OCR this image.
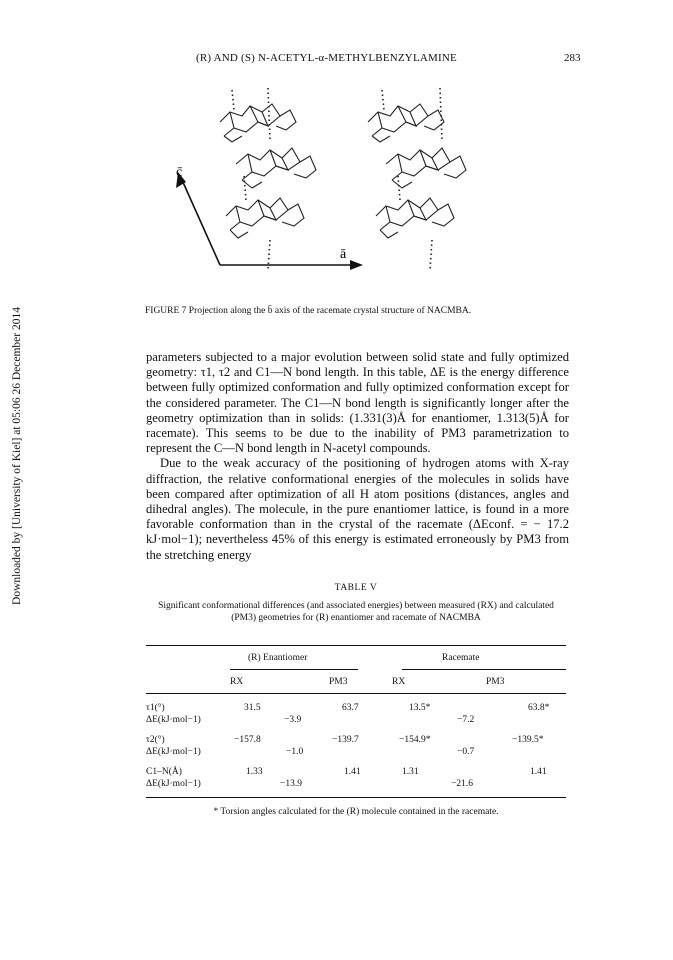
Downloaded by [University of Kiel] at 05:06 26 December 2014
(R) AND (S) N-ACETYL-α-METHYLBENZYLAMINE	283
c̄
ā
FIGURE 7 Projection along the b̄ axis of the racemate crystal structure of NACMBA.

parameters subjected to a major evolution between solid state and fully optimized geometry: τ1, τ2 and C1—N bond length. In this table, ΔE is the energy difference between fully optimized conformation and fully optimized conformation except for the considered parameter. The C1—N bond length is significantly longer after the geometry optimization than in solids: (1.331(3)Å for enantiomer, 1.313(5)Å for racemate). This seems to be due to the inability of PM3 parametrization to represent the C—N bond length in N-acetyl compounds.

Due to the weak accuracy of the positioning of hydrogen atoms with X-ray diffraction, the relative conformational energies of the molecules in solids have been compared after optimization of all H atom positions (distances, angles and dihedral angles). The molecule, in the pure enantiomer lattice, is found in a more favorable conformation than in the crystal of the racemate (ΔEconf. = − 17.2 kJ·mol−1); nevertheless 45% of this energy is estimated erroneously by PM3 from the stretching energy

TABLE V
Significant conformational differences (and associated energies) between measured (RX) and calculated (PM3) geometries for (R) enantiomer and racemate of NACMBA
(R) Enantiomer	Racemate
RX	PM3	RX	PM3
τ1(°)	31.5	63.7	13.5*	63.8*
ΔE(kJ·mol−1)	−3.9	−7.2
τ2(°)	−157.8	−139.7	−154.9*	−139.5*
ΔE(kJ·mol−1)	−1.0	−0.7
C1–N(Å)	1.33	1.41	1.31	1.41
ΔE(kJ·mol−1)	−13.9	−21.6
* Torsion angles calculated for the (R) molecule contained in the racemate.
